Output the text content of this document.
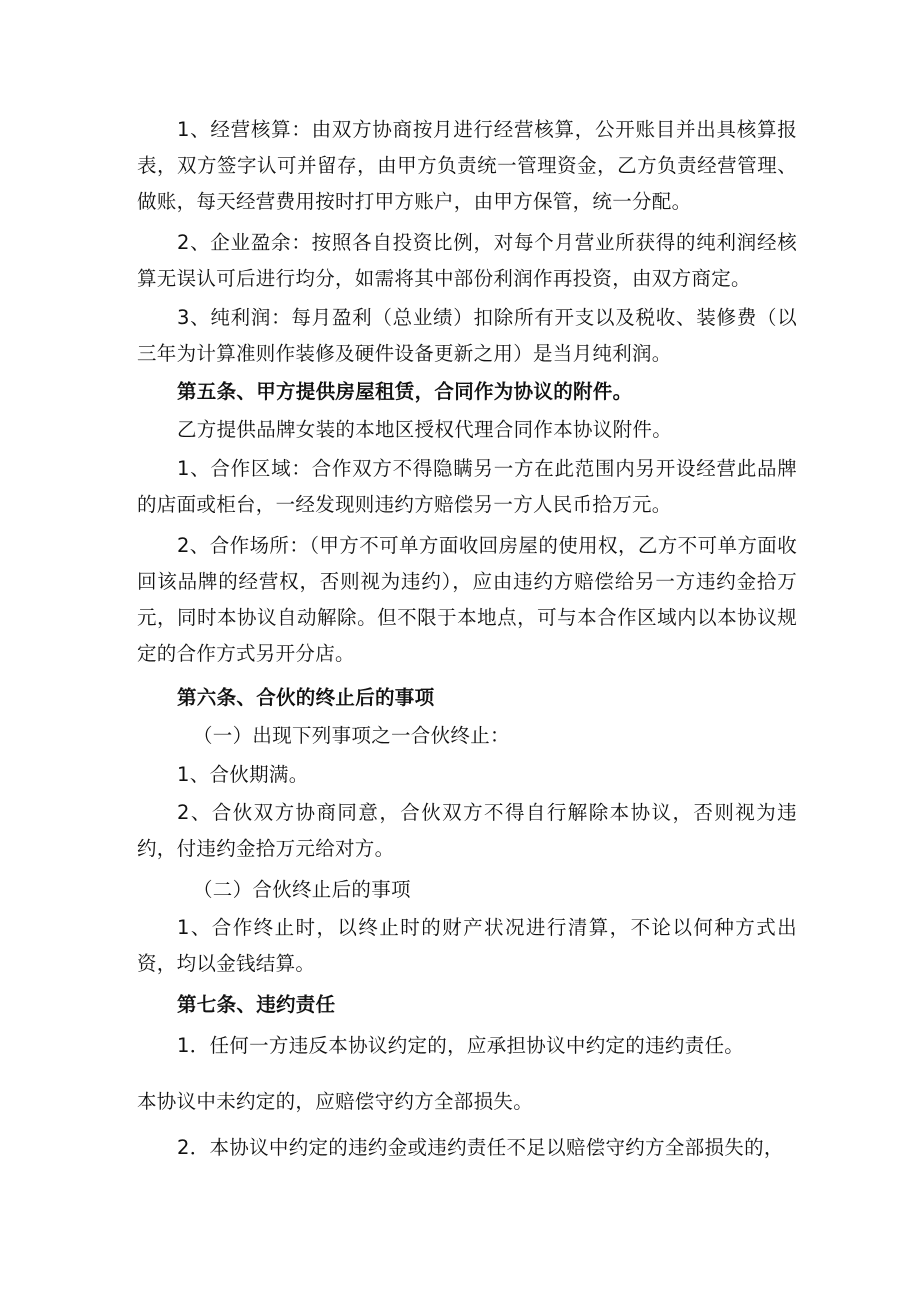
1、经营核算：由双方协商按月进行经营核算，公开账目并出具核算报表，双方签字认可并留存，由甲方负责统一管理资金，乙方负责经营管理、做账，每天经营费用按时打甲方账户，由甲方保管，统一分配。
2、企业盈余：按照各自投资比例，对每个月营业所获得的纯利润经核算无误认可后进行均分，如需将其中部份利润作再投资，由双方商定。
3、纯利润：每月盈利（总业绩）扣除所有开支以及税收、装修费（以三年为计算准则作装修及硬件设备更新之用）是当月纯利润。
第五条、甲方提供房屋租赁，合同作为协议的附件。
乙方提供品牌女装的本地区授权代理合同作本协议附件。
1、合作区域：合作双方不得隐瞒另一方在此范围内另开设经营此品牌的店面或柜台，一经发现则违约方赔偿另一方人民币拾万元。
2、合作场所：（甲方不可单方面收回房屋的使用权，乙方不可单方面收回该品牌的经营权，否则视为违约），应由违约方赔偿给另一方违约金拾万元，同时本协议自动解除。但不限于本地点，可与本合作区域内以本协议规定的合作方式另开分店。
第六条、合伙的终止后的事项
（一）出现下列事项之一合伙终止：
1、合伙期满。
2、合伙双方协商同意，合伙双方不得自行解除本协议，否则视为违约，付违约金拾万元给对方。
（二）合伙终止后的事项
1、合作终止时，以终止时的财产状况进行清算，不论以何种方式出资，均以金钱结算。
第七条、违约责任
1．任何一方违反本协议约定的，应承担协议中约定的违约责任。
本协议中未约定的，应赔偿守约方全部损失。
2．本协议中约定的违约金或违约责任不足以赔偿守约方全部损失的，
